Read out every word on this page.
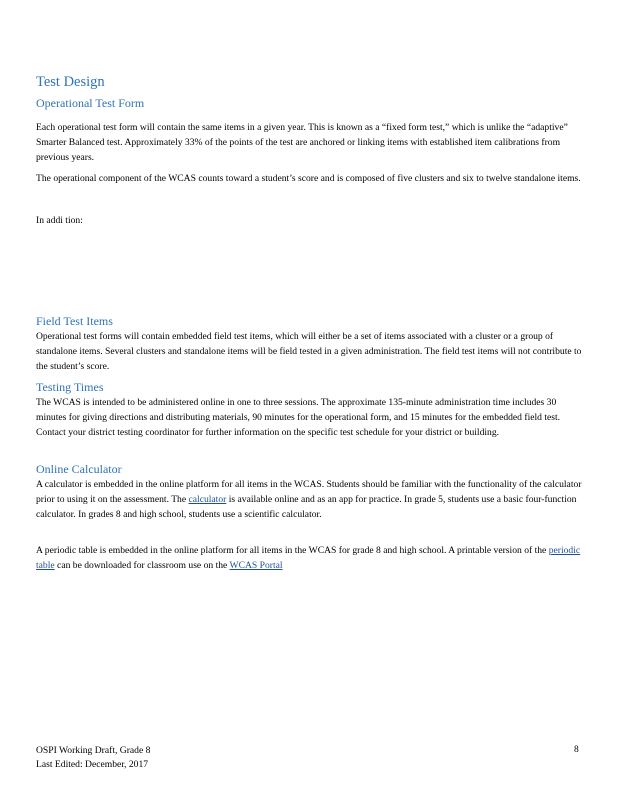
Test Design
Operational Test Form
Each operational test form will contain the same items in a given year. This is known as a “fixed form test,” which is unlike the “adaptive” Smarter Balanced test. Approximately 33% of the points of the test are anchored or linking items with established item calibrations from previous years.
The operational component of the WCAS counts toward a student’s score and is composed of five clusters and six to twelve standalone items.
In addi tion:
Field Test Items
Operational test forms will contain embedded field test items, which will either be a set of items associated with a cluster or a group of standalone items. Several clusters and standalone items will be field tested in a given administration. The field test items will not contribute to the student’s score.
Testing Times
The WCAS is intended to be administered online in one to three sessions. The approximate 135-minute administration time includes 30 minutes for giving directions and distributing materials, 90 minutes for the operational form, and 15 minutes for the embedded field test. Contact your district testing coordinator for further information on the specific test schedule for your district or building.
Online Calculator
A calculator is embedded in the online platform for all items in the WCAS. Students should be familiar with the functionality of the calculator prior to using it on the assessment. The calculator is available online and as an app for practice. In grade 5, students use a basic four-function calculator. In grades 8 and high school, students use a scientific calculator.
A periodic table is embedded in the online platform for all items in the WCAS for grade 8 and high school. A printable version of the periodic table can be downloaded for classroom use on the WCAS Portal
OSPI Working Draft, Grade 8
Last Edited: December, 2017
8
